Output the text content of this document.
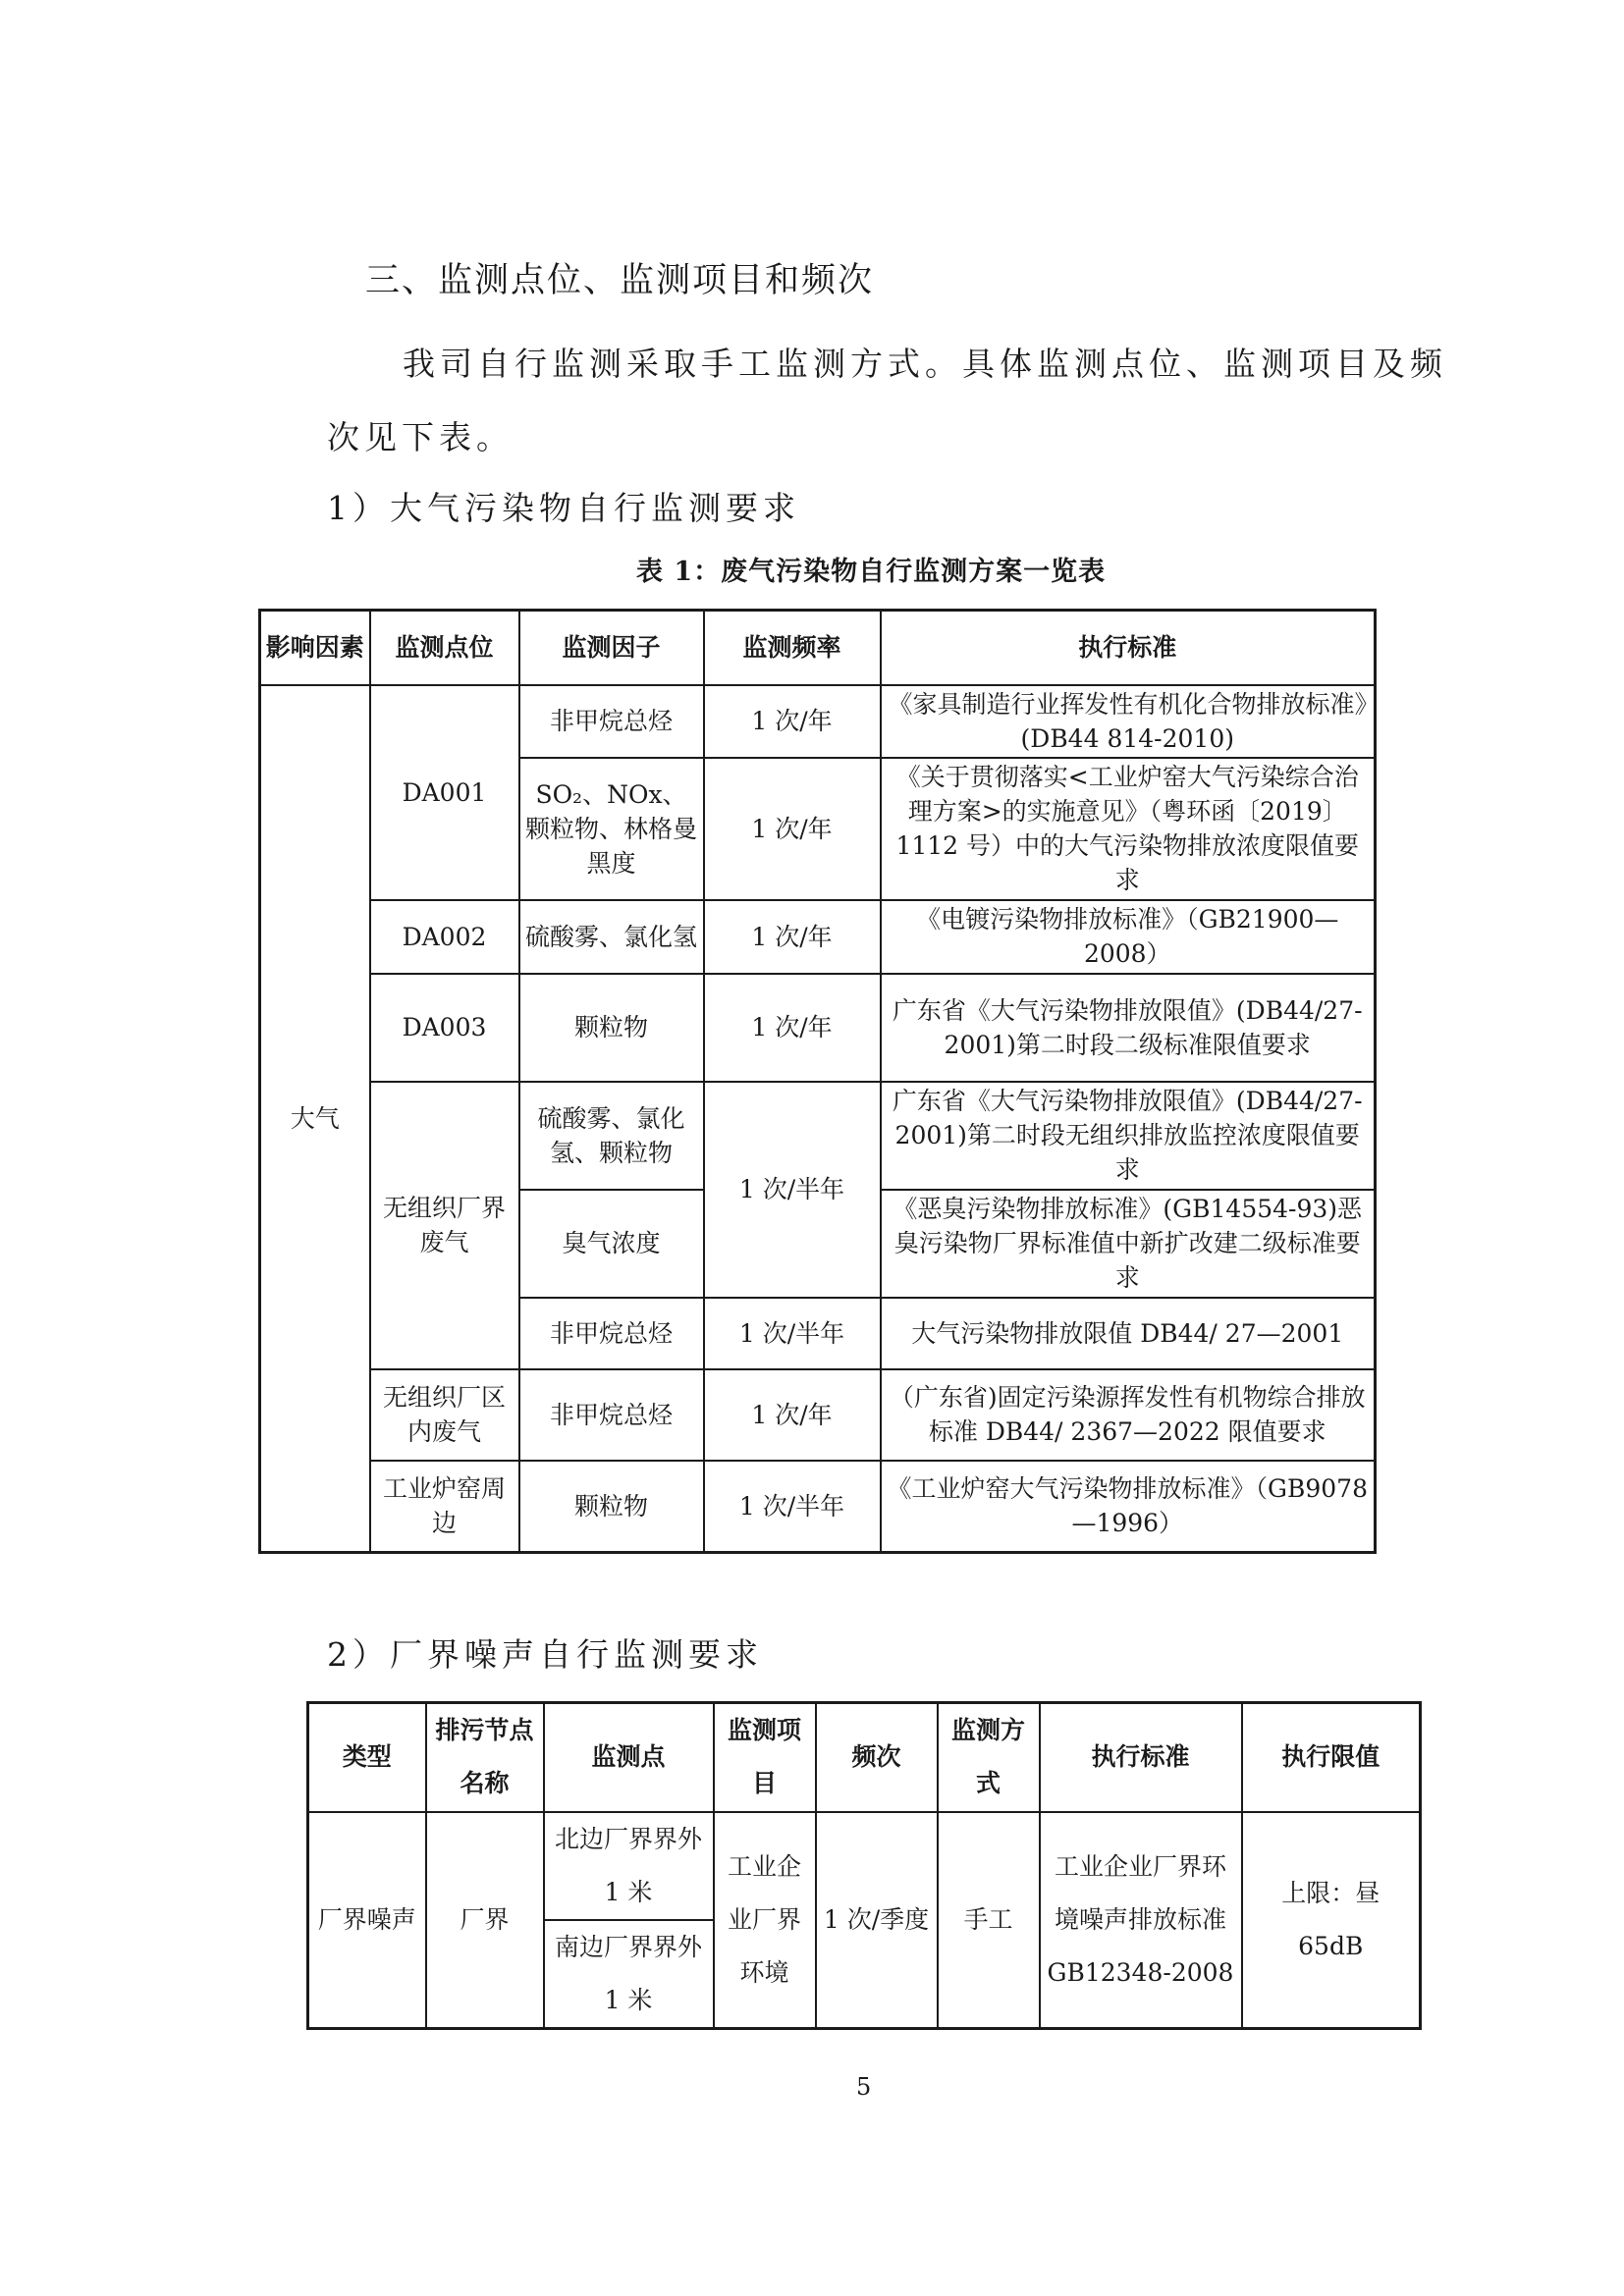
三、监测点位、监测项目和频次
我司自行监测采取手工监测方式。具体监测点位、监测项目及频
次见下表。
1）大气污染物自行监测要求
表 1：废气污染物自行监测方案一览表
影响因素	监测点位	监测因子	监测频率	执行标准
大气	DA001	非甲烷总烃	1 次/年	《家具制造行业挥发性有机化合物排放标准》(DB44 814-2010)
		SO₂、NOx、颗粒物、林格曼黑度	1 次/年	《关于贯彻落实<工业炉窑大气污染综合治理方案>的实施意见》（粤环函〔2019〕1112 号）中的大气污染物排放浓度限值要求
	DA002	硫酸雾、氯化氢	1 次/年	《电镀污染物排放标准》（GB21900—2008）
	DA003	颗粒物	1 次/年	广东省《大气污染物排放限值》(DB44/27-2001)第二时段二级标准限值要求
	无组织厂界废气	硫酸雾、氯化氢、颗粒物	1 次/半年	广东省《大气污染物排放限值》(DB44/27-2001)第二时段无组织排放监控浓度限值要求
		臭气浓度		《恶臭污染物排放标准》(GB14554-93)恶臭污染物厂界标准值中新扩改建二级标准要求
		非甲烷总烃	1 次/半年	大气污染物排放限值 DB44/ 27—2001
	无组织厂区内废气	非甲烷总烃	1 次/年	（广东省)固定污染源挥发性有机物综合排放标准 DB44/ 2367—2022 限值要求
	工业炉窑周边	颗粒物	1 次/半年	《工业炉窑大气污染物排放标准》（GB9078—1996）
2）厂界噪声自行监测要求
类型	排污节点名称	监测点	监测项目	频次	监测方式	执行标准	执行限值
厂界噪声	厂界	北边厂界界外 1 米	工业企业厂界环境	1 次/季度	手工	工业企业厂界环境噪声排放标准 GB12348-2008	上限：昼 65dB
		南边厂界界外 1 米					
5
